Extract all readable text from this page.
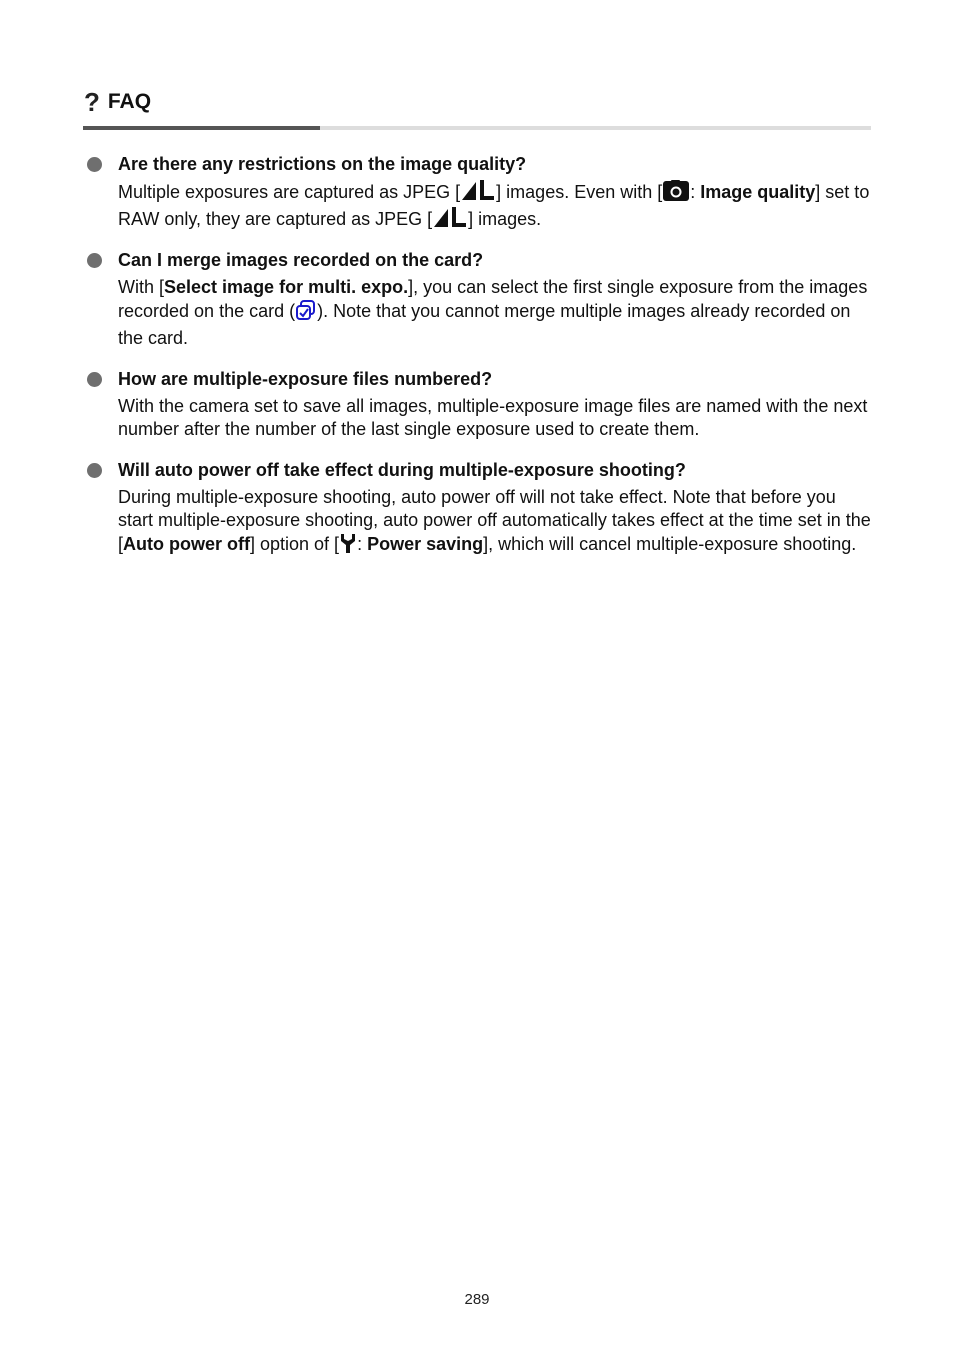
? FAQ
Are there any restrictions on the image quality?
Multiple exposures are captured as JPEG [ ] images. Even with [ : Image quality] set to RAW only, they are captured as JPEG [ ] images.
Can I merge images recorded on the card?
With [Select image for multi. expo.], you can select the first single exposure from the images recorded on the card ( ). Note that you cannot merge multiple images already recorded on the card.
How are multiple-exposure files numbered?
With the camera set to save all images, multiple-exposure image files are named with the next number after the number of the last single exposure used to create them.
Will auto power off take effect during multiple-exposure shooting?
During multiple-exposure shooting, auto power off will not take effect. Note that before you start multiple-exposure shooting, auto power off automatically takes effect at the time set in the [Auto power off] option of [ : Power saving], which will cancel multiple-exposure shooting.
289
